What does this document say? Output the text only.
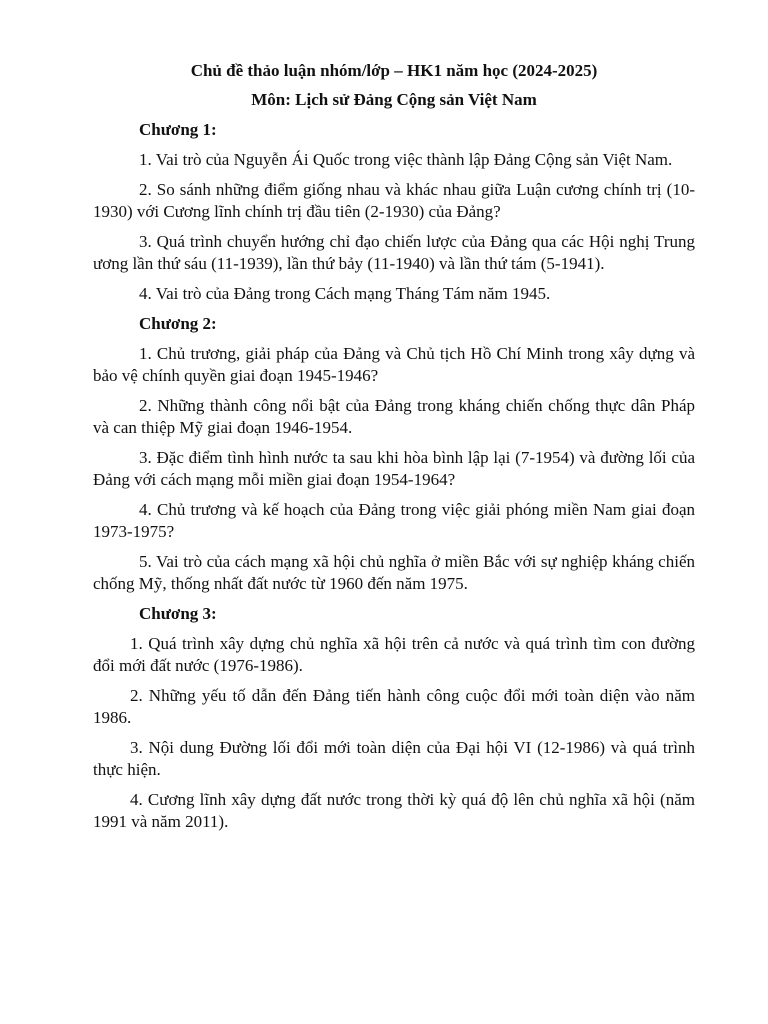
Chủ đề thảo luận nhóm/lớp – HK1 năm học (2024-2025)

Môn: Lịch sử Đảng Cộng sản Việt Nam

Chương 1:

1. Vai trò của Nguyễn Ái Quốc trong việc thành lập Đảng Cộng sản Việt Nam.

2. So sánh những điểm giống nhau và khác nhau giữa Luận cương chính trị (10-1930) với Cương lĩnh chính trị đầu tiên (2-1930) của Đảng?

3. Quá trình chuyển hướng chỉ đạo chiến lược của Đảng qua các Hội nghị Trung ương lần thứ sáu (11-1939), lần thứ bảy (11-1940) và lần thứ tám (5-1941).

4. Vai trò của Đảng trong Cách mạng Tháng Tám năm 1945.

Chương 2:

1. Chủ trương, giải pháp của Đảng và Chủ tịch Hồ Chí Minh trong xây dựng và bảo vệ chính quyền giai đoạn 1945-1946?

2. Những thành công nổi bật của Đảng trong kháng chiến chống thực dân Pháp và can thiệp Mỹ giai đoạn 1946-1954.

3. Đặc điểm tình hình nước ta sau khi hòa bình lập lại (7-1954) và đường lối của Đảng với cách mạng mỗi miền giai đoạn 1954-1964?

4. Chủ trương và kế hoạch của Đảng trong việc giải phóng miền Nam giai đoạn 1973-1975?

5. Vai trò của cách mạng xã hội chủ nghĩa ở miền Bắc với sự nghiệp kháng chiến chống Mỹ, thống nhất đất nước từ 1960 đến năm 1975.

Chương 3:

1. Quá trình xây dựng chủ nghĩa xã hội trên cả nước và quá trình tìm con đường đổi mới đất nước (1976-1986).

2. Những yếu tố dẫn đến Đảng tiến hành công cuộc đổi mới toàn diện vào năm 1986.

3. Nội dung Đường lối đổi mới toàn diện của Đại hội VI (12-1986) và quá trình thực hiện.

4. Cương lĩnh xây dựng đất nước trong thời kỳ quá độ lên chủ nghĩa xã hội (năm 1991 và năm 2011).
